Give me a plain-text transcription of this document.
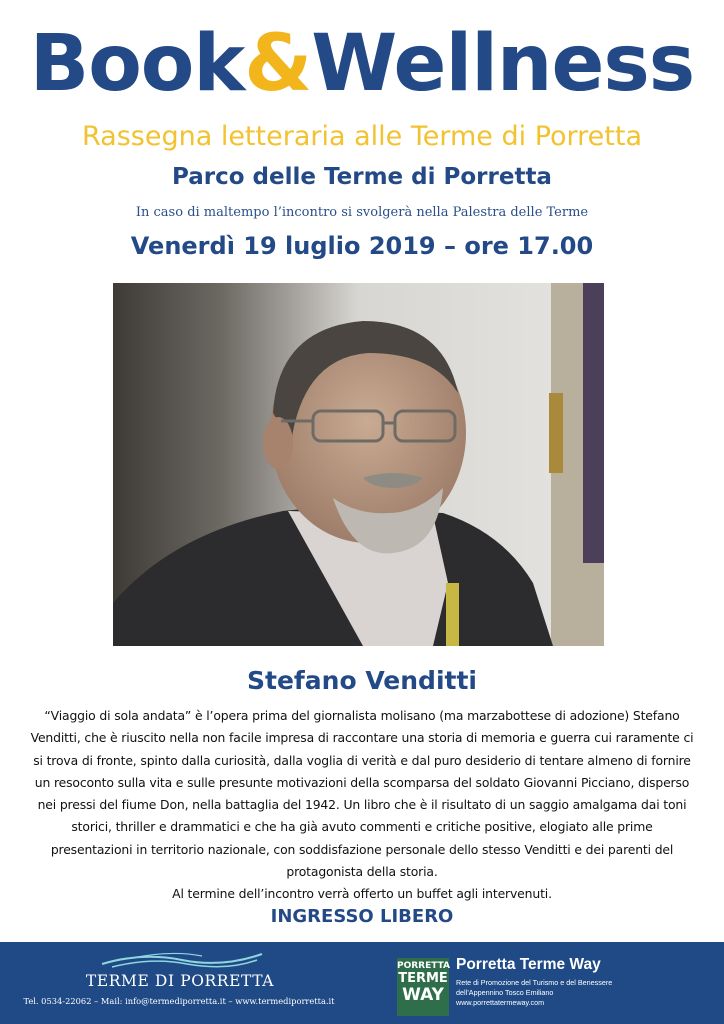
Book&Wellness
Rassegna letteraria alle Terme di Porretta
Parco delle Terme di Porretta
In caso di maltempo l’incontro si svolgerà nella Palestra delle Terme
Venerdì 19 luglio 2019 – ore 17.00
Stefano Venditti

“Viaggio di sola andata” è l’opera prima del giornalista molisano (ma marzabottese di adozione) Stefano Venditti, che è riuscito nella non facile impresa di raccontare una storia di memoria e guerra cui raramente ci si trova di fronte, spinto dalla curiosità, dalla voglia di verità e dal puro desiderio di tentare almeno di fornire un resoconto sulla vita e sulle presunte motivazioni della scomparsa del soldato Giovanni Picciano, disperso nei pressi del fiume Don, nella battaglia del 1942. Un libro che è il risultato di un saggio amalgama dai toni storici, thriller e drammatici e che ha già avuto commenti e critiche positive, elogiato alle prime presentazioni in territorio nazionale, con soddisfazione personale dello stesso Venditti e dei parenti del protagonista della storia.

Al termine dell’incontro verrà offerto un buffet agli intervenuti.

INGRESSO LIBERO
TERME DI PORRETTA
Tel. 0534-22062 – Mail: info@termediporretta.it – www.termediporretta.it
PORRETTA
TERME
WAY
Porretta Terme Way
Rete di Promozione del Turismo e del Benessere
dell’Appennino Tosco Emiliano
www.porrettatermeway.com
